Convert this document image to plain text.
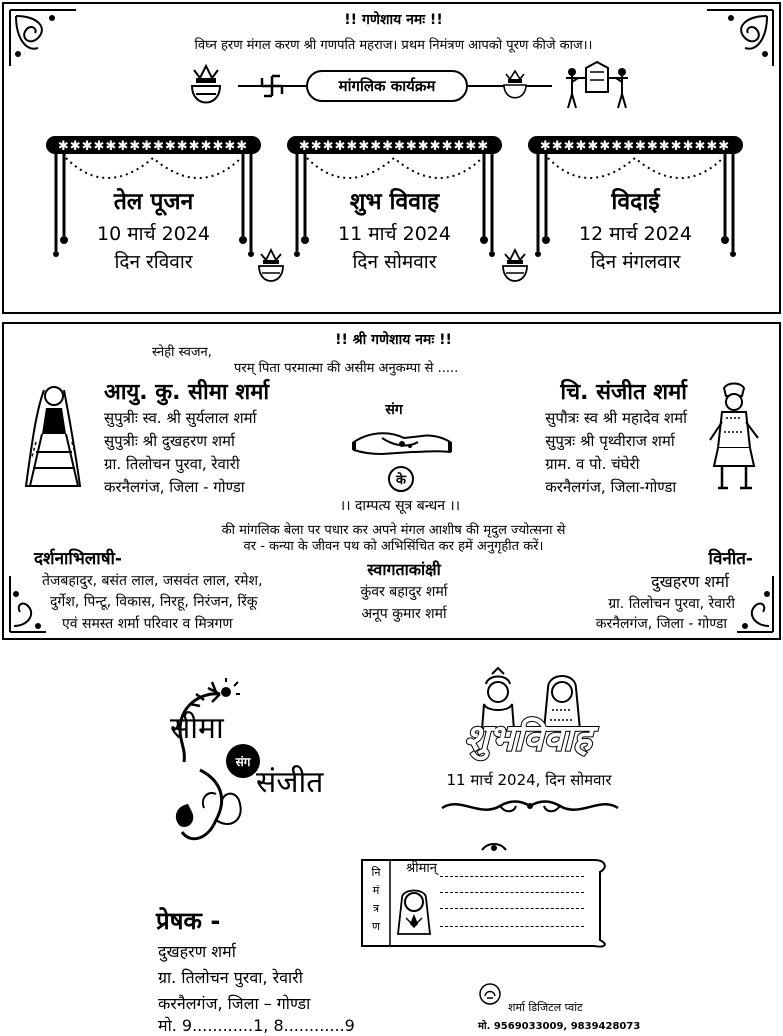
!! गणेशाय नमः !!
विघ्न हरण मंगल करण श्री गणपति महराज। प्रथम निमंत्रण आपको पूरण कीजे काज।।
मांगलिक कार्यक्रम
✱✱✱✱✱✱✱✱✱✱✱✱✱✱✱✱	✱✱✱✱✱✱✱✱✱✱✱✱✱✱✱✱	✱✱✱✱✱✱✱✱✱✱✱✱✱✱✱✱
तेल पूजन
10 मार्च 2024
दिन रविवार
शुभ विवाह
11 मार्च 2024
दिन सोमवार
विदाई
12 मार्च 2024
दिन मंगलवार
!! श्री गणेशाय नमः !!
स्नेही स्वजन,
परम् पिता परमात्मा की असीम अनुकम्पा से .....
आयु. कु. सीमा शर्मा
सुपुत्रीः स्व. श्री सुर्यलाल शर्मा
सुपुत्रीः श्री दुखहरण शर्मा
ग्रा. तिलोचन पुरवा, रेवारी
करनैलगंज, जिला - गोण्डा
संग
के
।। दाम्पत्य सूत्र बन्धन ।।
चि. संजीत शर्मा
सुपौत्रः स्व श्री महादेव शर्मा
सुपुत्रः श्री पृथ्वीराज शर्मा
ग्राम. व पो. चंघेरी
करनैलगंज, जिला-गोण्डा
की मांगलिक बेला पर पधार कर अपने मंगल आशीष की मृदुल ज्योत्सना से
वर - कन्या के जीवन पथ को अभिसिंचित कर हमें अनुगृहीत करें।
दर्शनाभिलाषी-
तेजबहादुर, बसंत लाल, जसवंत लाल, रमेश,
दुर्गेश, पिन्टू, विकास, निरहू, निरंजन, रिंकू
एवं समस्त शर्मा परिवार व मित्रगण
स्वागताकांक्षी
कुंवर बहादुर शर्मा
अनूप कुमार शर्मा
विनीत-
दुखहरण शर्मा
ग्रा. तिलोचन पुरवा, रेवारी
करनैलगंज, जिला - गोण्डा
सीमा
संग
संजीत
शुभविवाह
11 मार्च 2024, दिन सोमवार
नि
मं
त्र
ण
श्रीमान्
प्रेषक -
दुखहरण शर्मा
ग्रा. तिलोचन पुरवा, रेवारी
करनैलगंज, जिला – गोण्डा
मो. 9............1, 8............9
शर्मा डिजिटल प्वांट
मो. 9569033009, 9839428073
